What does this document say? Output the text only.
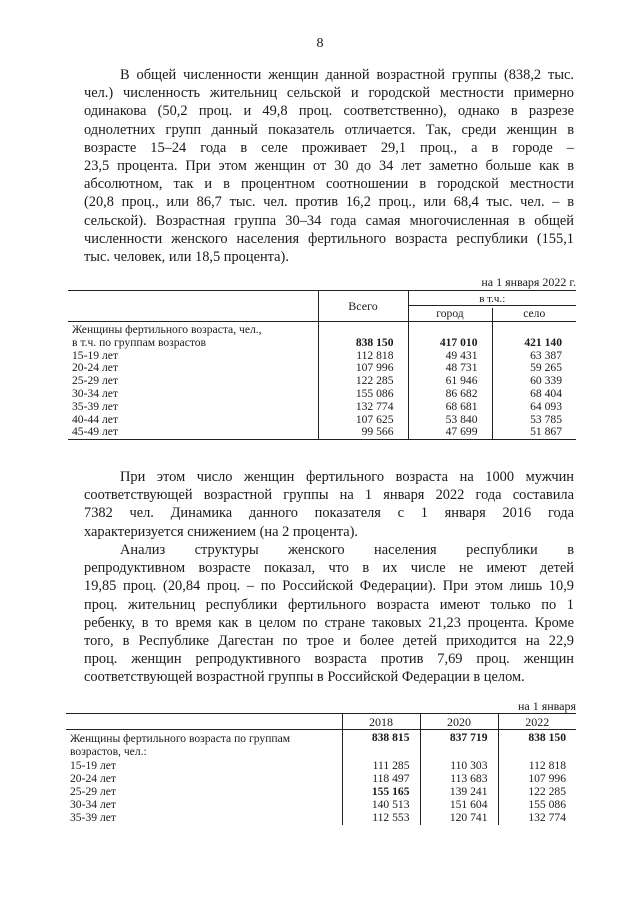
8
В общей численности женщин данной возрастной группы (838,2 тыс.
чел.) численность жительниц сельской и городской местности примерно
одинакова (50,2 проц. и 49,8 проц. соответственно), однако в разрезе
однолетних групп данный показатель отличается. Так, среди женщин в
возрасте 15–24 года в селе проживает 29,1 проц., а в городе –
23,5 процента. При этом женщин от 30 до 34 лет заметно больше как в
абсолютном, так и в процентном соотношении в городской местности
(20,8 проц., или 86,7 тыс. чел. против 16,2 проц., или 68,4 тыс. чел. – в
сельской). Возрастная группа 30–34 года самая многочисленная в общей
численности женского населения фертильного возраста республики (155,1
тыс. человек, или 18,5 процента).
на 1 января 2022 г.
	Всего	в т.ч.:	

		город	село
Женщины фертильного возраста, чел.,			
в т.ч. по группам возрастов	838 150	417 010	421 140
15-19 лет	112 818	49 431	63 387
20-24 лет	107 996	48 731	59 265
25-29 лет	122 285	61 946	60 339
30-34 лет	155 086	86 682	68 404
35-39 лет	132 774	68 681	64 093
40-44 лет	107 625	53 840	53 785
45-49 лет	99 566	47 699	51 867
При этом число женщин фертильного возраста на 1000 мужчин
соответствующей возрастной группы на 1 января 2022 года составила
7382 чел. Динамика данного показателя с 1 января 2016 года
характеризуется снижением (на 2 процента).
Анализ структуры женского населения республики в
репродуктивном возрасте показал, что в их числе не имеют детей
19,85 проц. (20,84 проц. – по Российской Федерации). При этом лишь 10,9
проц. жительниц республики фертильного возраста имеют только по 1
ребенку, в то время как в целом по стране таковых 21,23 процента. Кроме
того, в Республике Дагестан по трое и более детей приходится на 22,9
проц. женщин репродуктивного возраста против 7,69 проц. женщин
соответствующей возрастной группы в Российской Федерации в целом.
на 1 января
	2018	2020	2022
Женщины фертильного возраста по группам	838 815	837 719	838 150
возрастов, чел.:			
15-19 лет	111 285	110 303	112 818
20-24 лет	118 497	113 683	107 996
25-29 лет	155 165	139 241	122 285
30-34 лет	140 513	151 604	155 086
35-39 лет	112 553	120 741	132 774
